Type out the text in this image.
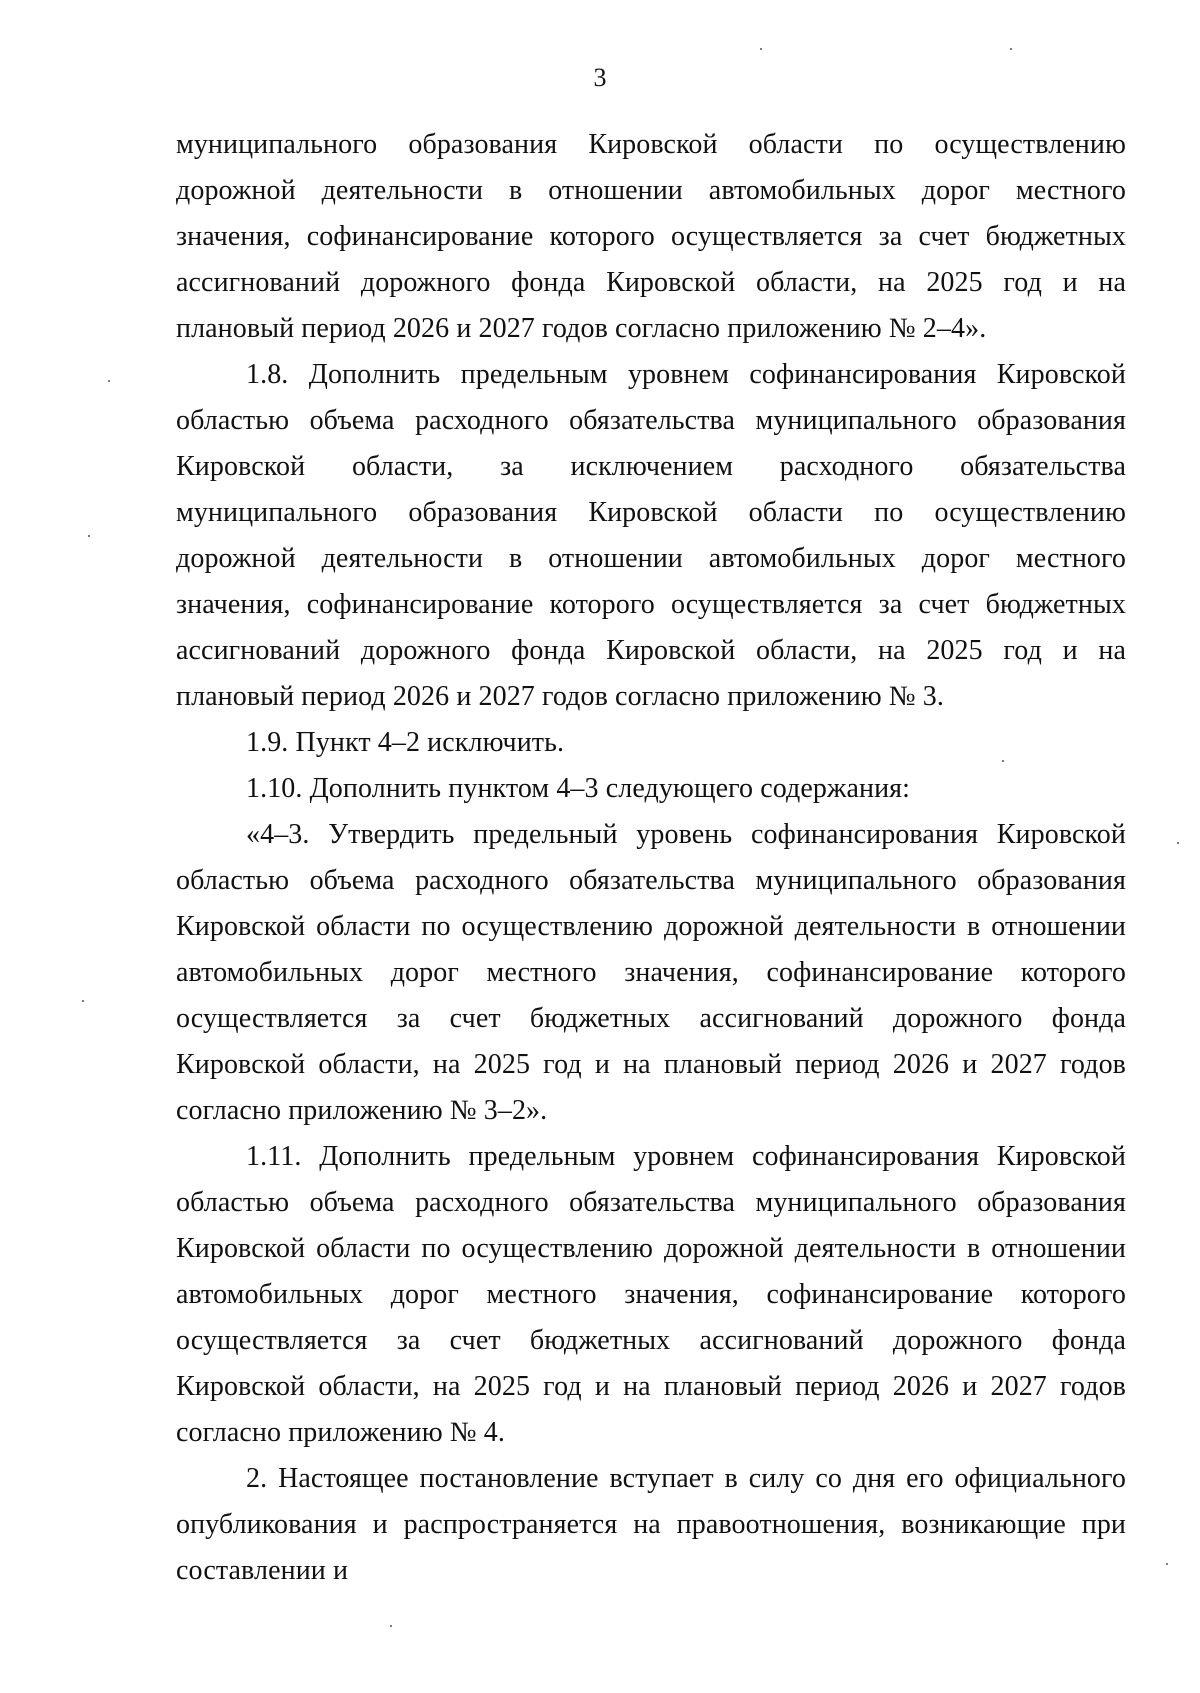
3

муниципального образования Кировской области по осуществлению дорожной деятельности в отношении автомобильных дорог местного значения, софинансирование которого осуществляется за счет бюджетных ассигнований дорожного фонда Кировской области, на 2025 год и на плановый период 2026 и 2027 годов согласно приложению № 2–4».

1.8. Дополнить предельным уровнем софинансирования Кировской областью объема расходного обязательства муниципального образования Кировской области, за исключением расходного обязательства муниципального образования Кировской области по осуществлению дорожной деятельности в отношении автомобильных дорог местного значения, софинансирование которого осуществляется за счет бюджетных ассигнований дорожного фонда Кировской области, на 2025 год и на плановый период 2026 и 2027 годов согласно приложению № 3.

1.9. Пункт 4–2 исключить.

1.10. Дополнить пунктом 4–3 следующего содержания:

«4–3. Утвердить предельный уровень софинансирования Кировской областью объема расходного обязательства муниципального образования Кировской области по осуществлению дорожной деятельности в отношении автомобильных дорог местного значения, софинансирование которого осуществляется за счет бюджетных ассигнований дорожного фонда Кировской области, на 2025 год и на плановый период 2026 и 2027 годов согласно приложению № 3–2».

1.11. Дополнить предельным уровнем софинансирования Кировской областью объема расходного обязательства муниципального образования Кировской области по осуществлению дорожной деятельности в отношении автомобильных дорог местного значения, софинансирование которого осуществляется за счет бюджетных ассигнований дорожного фонда Кировской области, на 2025 год и на плановый период 2026 и 2027 годов согласно приложению № 4.

2. Настоящее постановление вступает в силу со дня его официального опубликования и распространяется на правоотношения, возникающие при составлении и
